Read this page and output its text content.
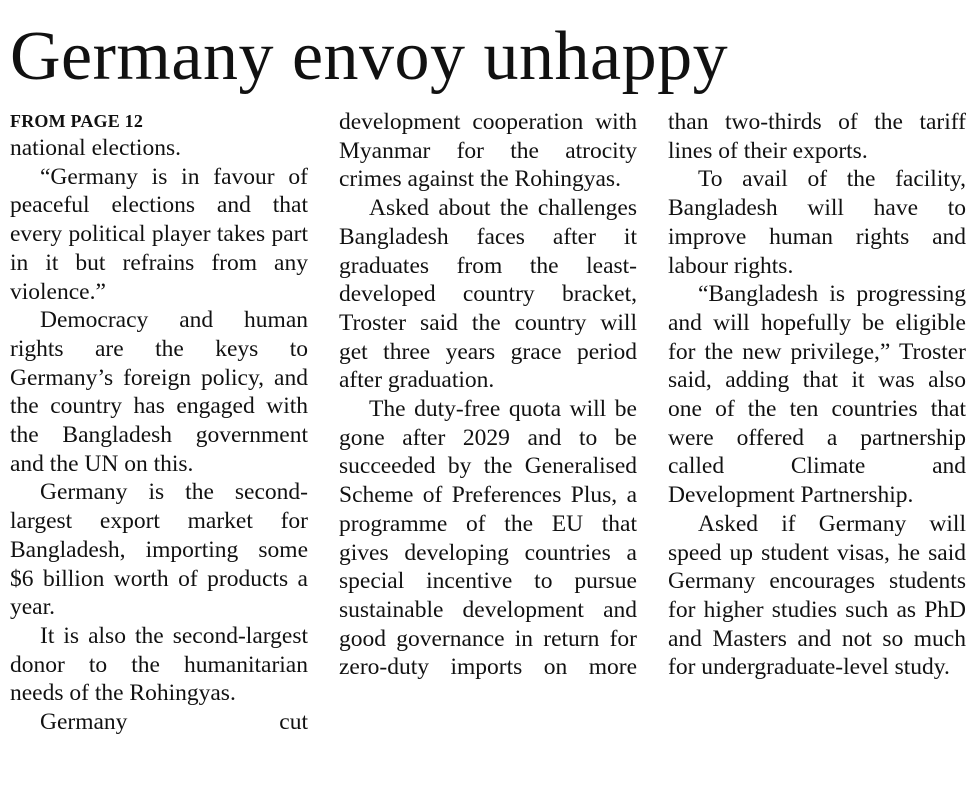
Germany envoy unhappy
FROM PAGE 12

national elections.

“Germany is in favour of peaceful elections and that every political player takes part in it but refrains from any violence.”

Democracy and human rights are the keys to Germany’s foreign policy, and the country has engaged with the Bangladesh government and the UN on this.

Germany is the second-largest export market for Bangladesh, importing some $6 billion worth of products a year.

It is also the second-largest donor to the humanitarian needs of the Rohingyas.

Germany cut

development cooperation with Myanmar for the atrocity crimes against the Rohingyas.

Asked about the challenges Bangladesh faces after it graduates from the least-developed country bracket, Troster said the country will get three years grace period after graduation.

The duty-free quota will be gone after 2029 and to be succeeded by the Generalised Scheme of Preferences Plus, a programme of the EU that gives developing countries a special incentive to pursue sustainable development and good governance in return for zero-duty imports on more

than two-thirds of the tariff lines of their exports.

To avail of the facility, Bangladesh will have to improve human rights and labour rights.

“Bangladesh is progressing and will hopefully be eligible for the new privilege,” Troster said, adding that it was also one of the ten countries that were offered a partnership called Climate and Development Partnership.

Asked if Germany will speed up student visas, he said Germany encourages students for higher studies such as PhD and Masters and not so much for undergraduate-level study.
